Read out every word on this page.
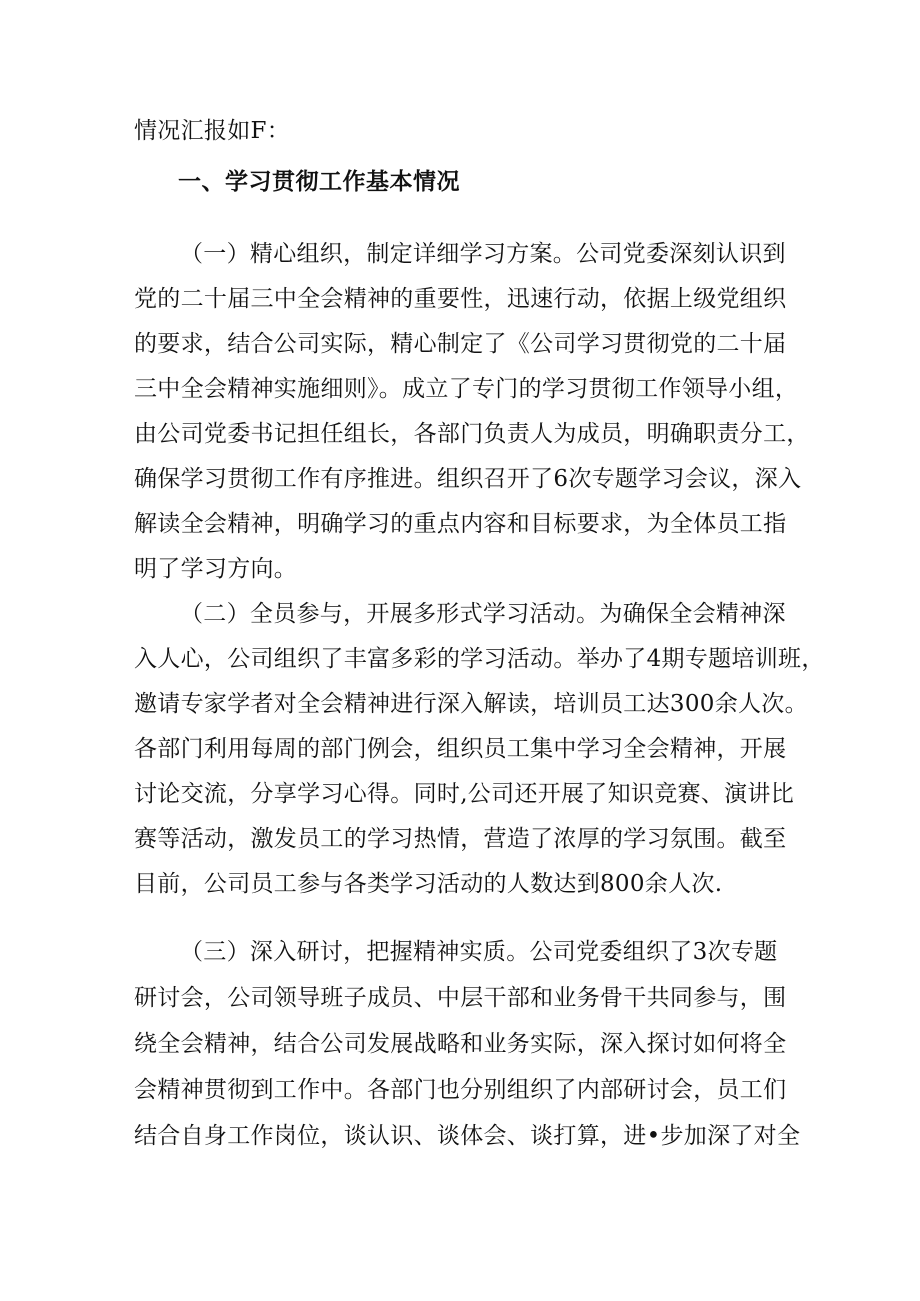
情况汇报如F：
一、学习贯彻工作基本情况
（一）精心组织，制定详细学习方案。公司党委深刻认识到
党的二十届三中全会精神的重要性，迅速行动，依据上级党组织
的要求，结合公司实际，精心制定了《公司学习贯彻党的二十届
三中全会精神实施细则》。成立了专门的学习贯彻工作领导小组，
由公司党委书记担任组长，各部门负责人为成员，明确职责分工，
确保学习贯彻工作有序推进。组织召开了6次专题学习会议，深入
解读全会精神，明确学习的重点内容和目标要求，为全体员工指
明了学习方向。
（二）全员参与，开展多形式学习活动。为确保全会精神深
入人心，公司组织了丰富多彩的学习活动。举办了4期专题培训班，
邀请专家学者对全会精神进行深入解读，培训员工达300余人次。
各部门利用每周的部门例会，组织员工集中学习全会精神，开展
讨论交流，分享学习心得。同时,公司还开展了知识竞赛、演讲比
赛等活动，激发员工的学习热情，营造了浓厚的学习氛围。截至
目前，公司员工参与各类学习活动的人数达到800余人次.
（三）深入研讨，把握精神实质。公司党委组织了3次专题
研讨会，公司领导班子成员、中层干部和业务骨干共同参与，围
绕全会精神，结合公司发展战略和业务实际，深入探讨如何将全
会精神贯彻到工作中。各部门也分别组织了内部研讨会，员工们
结合自身工作岗位，谈认识、谈体会、谈打算，进•步加深了对全
